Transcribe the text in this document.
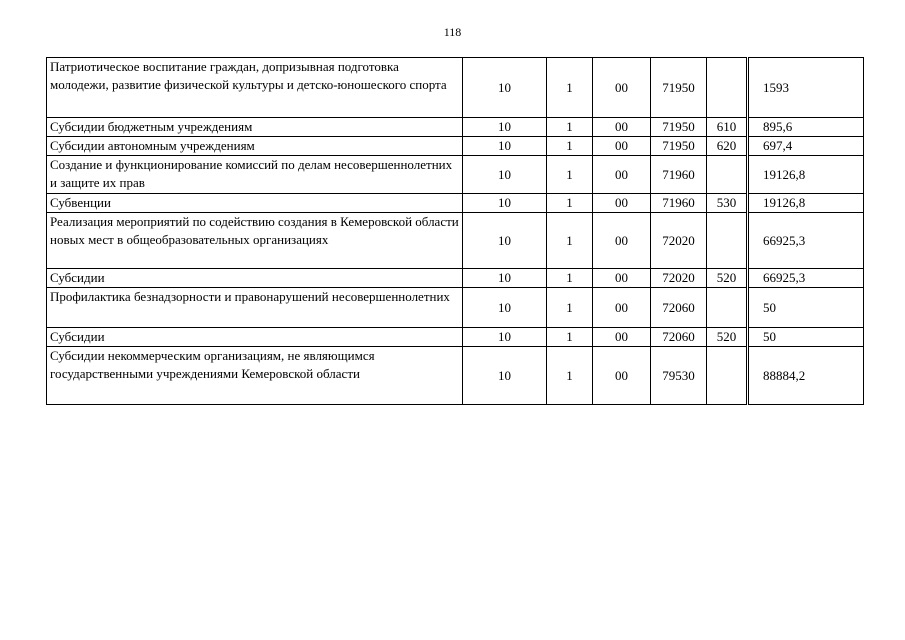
118
Патриотическое воспитание граждан, допризывная подготовка молодежи, развитие физической культуры и детско-юношеского спорта	10	1	00	71950		1593
Субсидии бюджетным учреждениям	10	1	00	71950	610	895,6
Субсидии автономным учреждениям	10	1	00	71950	620	697,4
Создание и функционирование комиссий по делам несовершеннолетних и защите их прав	10	1	00	71960		19126,8
Субвенции	10	1	00	71960	530	19126,8
Реализация мероприятий по содействию создания в Кемеровской области новых мест в общеобразовательных организациях	10	1	00	72020		66925,3
Субсидии	10	1	00	72020	520	66925,3
Профилактика безнадзорности и правонарушений несовершеннолетних	10	1	00	72060		50
Субсидии	10	1	00	72060	520	50
Субсидии некоммерческим организациям, не являющимся государственными учреждениями Кемеровской области	10	1	00	79530		88884,2
